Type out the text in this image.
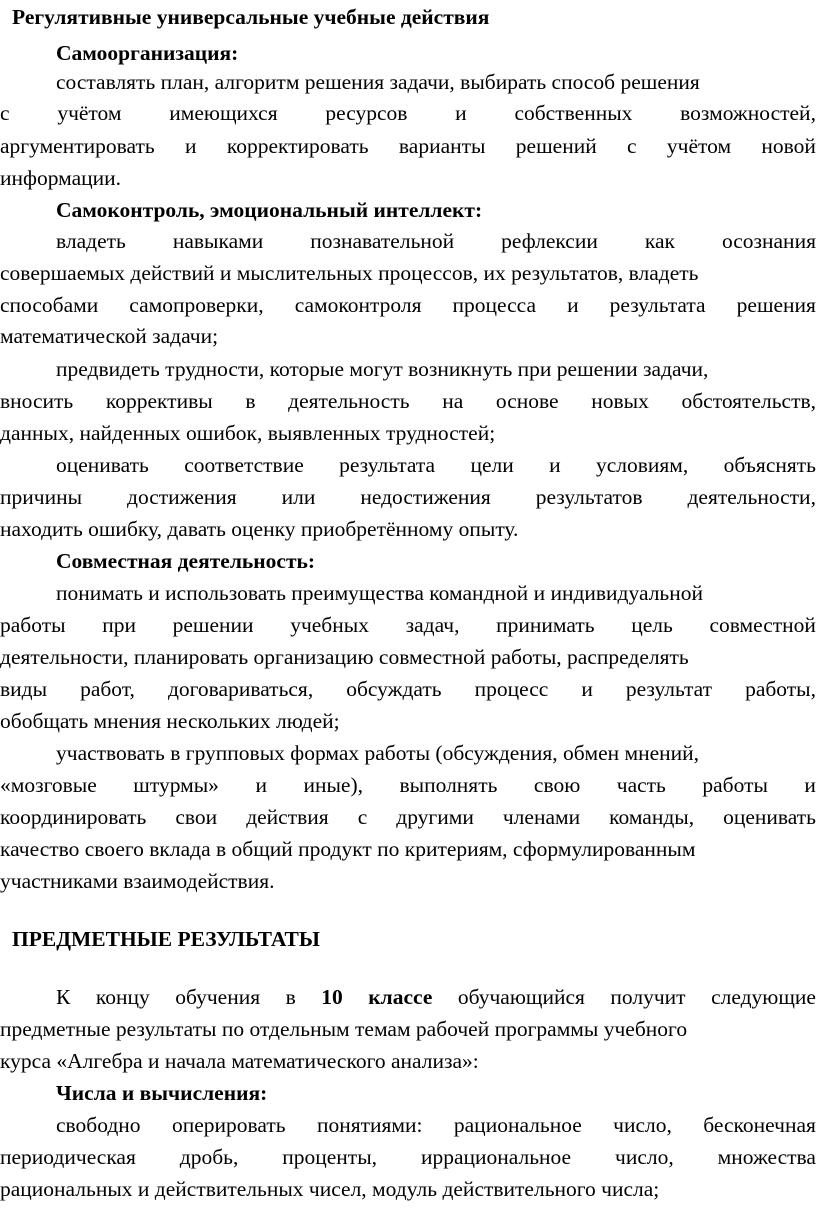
Регулятивные универсальные учебные действия
Самоорганизация:
составлять план, алгоритм решения задачи, выбирать способ решения
с учётом имеющихся ресурсов и собственных возможностей,
аргументировать и корректировать варианты решений с учётом новой
информации.
Самоконтроль, эмоциональный интеллект:
владеть навыками познавательной рефлексии как осознания
совершаемых действий и мыслительных процессов, их результатов, владеть
способами самопроверки, самоконтроля процесса и результата решения
математической задачи;
предвидеть трудности, которые могут возникнуть при решении задачи,
вносить коррективы в деятельность на основе новых обстоятельств,
данных, найденных ошибок, выявленных трудностей;
оценивать соответствие результата цели и условиям, объяснять
причины достижения или недостижения результатов деятельности,
находить ошибку, давать оценку приобретённому опыту.
Совместная деятельность:
понимать и использовать преимущества командной и индивидуальной
работы при решении учебных задач, принимать цель совместной
деятельности, планировать организацию совместной работы, распределять
виды работ, договариваться, обсуждать процесс и результат работы,
обобщать мнения нескольких людей;
участвовать в групповых формах работы (обсуждения, обмен мнений,
«мозговые штурмы» и иные), выполнять свою часть работы и
координировать свои действия с другими членами команды, оценивать
качество своего вклада в общий продукт по критериям, сформулированным
участниками взаимодействия.
ПРЕДМЕТНЫЕ РЕЗУЛЬТАТЫ
К концу обучения в 10 классе обучающийся получит следующие
предметные результаты по отдельным темам рабочей программы учебного
курса «Алгебра и начала математического анализа»:
Числа и вычисления:
свободно оперировать понятиями: рациональное число, бесконечная
периодическая дробь, проценты, иррациональное число, множества
рациональных и действительных чисел, модуль действительного числа;
